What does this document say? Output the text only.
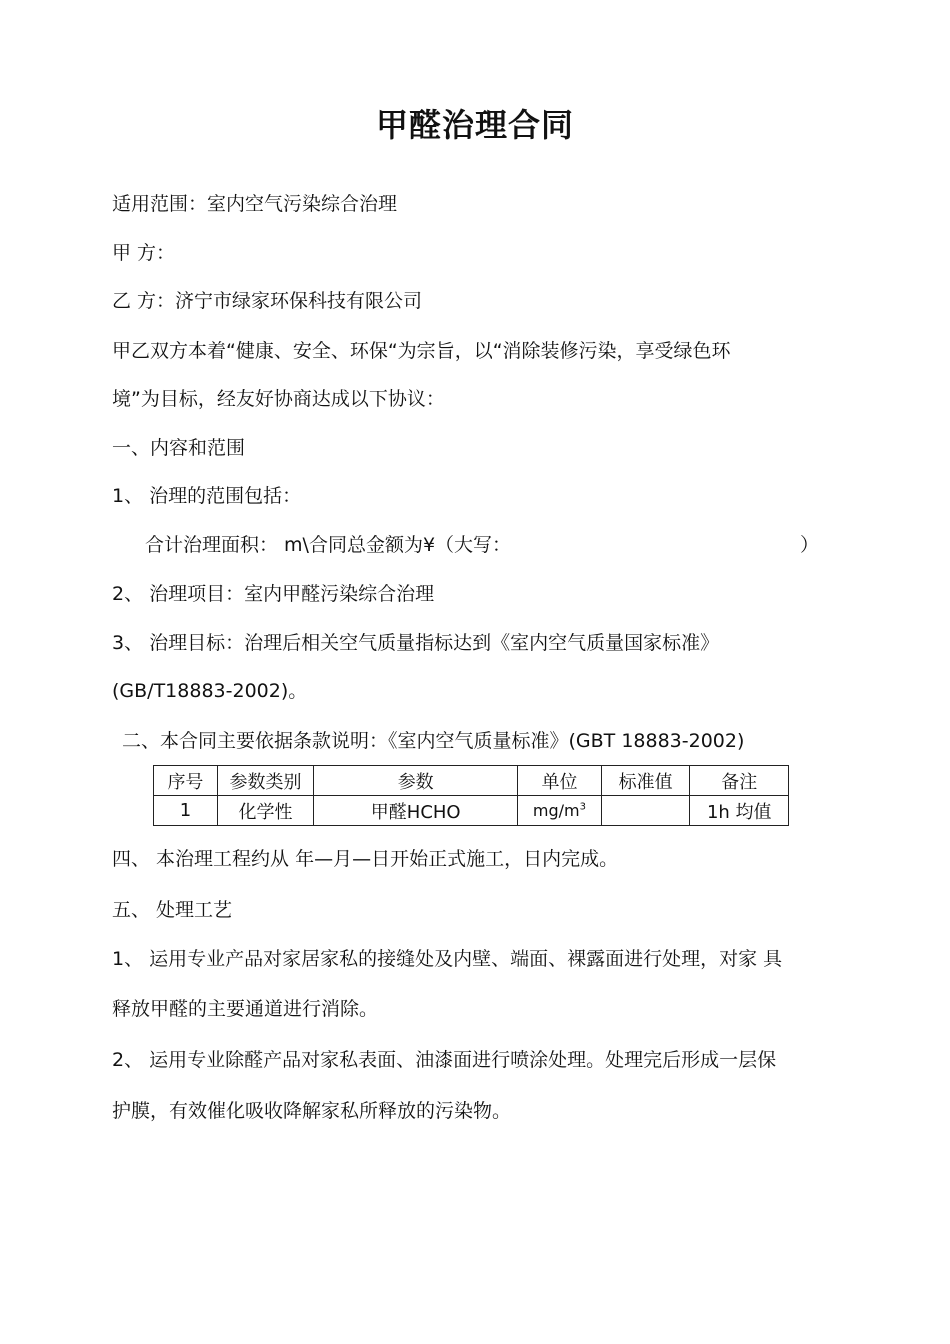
甲醛治理合同
适用范围：室内空气污染综合治理
甲 方：
乙 方：济宁市绿家环保科技有限公司
甲乙双方本着“健康、安全、环保“为宗旨，以“消除装修污染，享受绿色环
境”为目标，经友好协商达成以下协议：
一、内容和范围
1、 治理的范围包括：
合计治理面积： m\合同总金额为¥（大写：	）
2、 治理项目：室内甲醛污染综合治理
3、 治理目标：治理后相关空气质量指标达到《室内空气质量国家标准》
(GB/T18883-2002)。
二、本合同主要依据条款说明：《室内空气质量标准》(GBT 18883-2002)
序号	参数类别	参数	单位	标准值	备注
1	化学性	甲醛HCHO	$mg/m^3$		1h 均值
四、 本治理工程约从 年—月—日开始正式施工，日内完成。
五、 处理工艺
1、 运用专业产品对家居家私的接缝处及内壁、端面、裸露面进行处理，对家 具
释放甲醛的主要通道进行消除。
2、 运用专业除醛产品对家私表面、油漆面进行喷涂处理。处理完后形成一层保
护膜，有效催化吸收降解家私所释放的污染物。
